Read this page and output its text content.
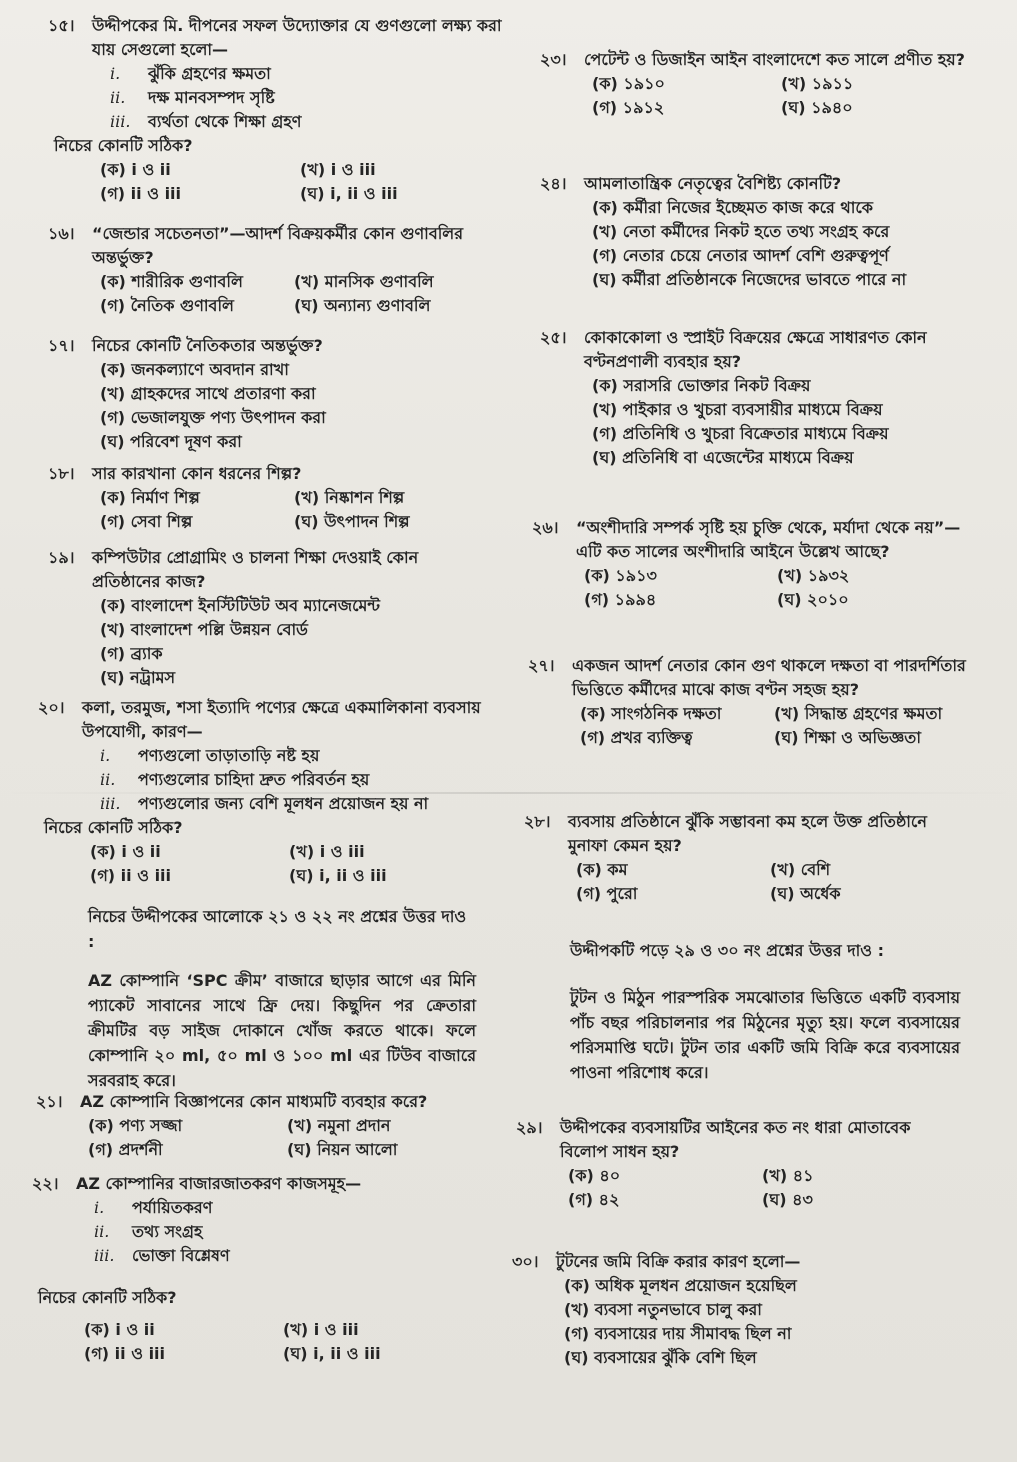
১৫। উদ্দীপকের মি. দীপনের সফল উদ্যোক্তার যে গুণগুলো লক্ষ্য করা যায় সেগুলো হলো—
i.	ঝুঁকি গ্রহণের ক্ষমতা
ii.	দক্ষ মানবসম্পদ সৃষ্টি
iii.	ব্যর্থতা থেকে শিক্ষা গ্রহণ
নিচের কোনটি সঠিক?
(ক) i ও ii	(খ) i ও iii
(গ) ii ও iii	(ঘ) i, ii ও iii
১৬। “জেন্ডার সচেতনতা”—আদর্শ বিক্রয়কর্মীর কোন গুণাবলির অন্তর্ভুক্ত?
(ক) শারীরিক গুণাবলি	(খ) মানসিক গুণাবলি
(গ) নৈতিক গুণাবলি	(ঘ) অন্যান্য গুণাবলি
১৭। নিচের কোনটি নৈতিকতার অন্তর্ভুক্ত?
(ক) জনকল্যাণে অবদান রাখা
(খ) গ্রাহকদের সাথে প্রতারণা করা
(গ) ভেজালযুক্ত পণ্য উৎপাদন করা
(ঘ) পরিবেশ দূষণ করা
১৮। সার কারখানা কোন ধরনের শিল্প?
(ক) নির্মাণ শিল্প	(খ) নিষ্কাশন শিল্প
(গ) সেবা শিল্প	(ঘ) উৎপাদন শিল্প
১৯। কম্পিউটার প্রোগ্রামিং ও চালনা শিক্ষা দেওয়াই কোন প্রতিষ্ঠানের কাজ?
(ক) বাংলাদেশ ইনস্টিটিউট অব ম্যানেজমেন্ট
(খ) বাংলাদেশ পল্লি উন্নয়ন বোর্ড
(গ) ব্র্যাক
(ঘ) নট্রামস
২০। কলা, তরমুজ, শসা ইত্যাদি পণ্যের ক্ষেত্রে একমালিকানা ব্যবসায় উপযোগী, কারণ—
i.	পণ্যগুলো তাড়াতাড়ি নষ্ট হয়
ii.	পণ্যগুলোর চাহিদা দ্রুত পরিবর্তন হয়
iii.	পণ্যগুলোর জন্য বেশি মূলধন প্রয়োজন হয় না
নিচের কোনটি সঠিক?
(ক) i ও ii	(খ) i ও iii
(গ) ii ও iii	(ঘ) i, ii ও iii
নিচের উদ্দীপকের আলোকে ২১ ও ২২ নং প্রশ্নের উত্তর দাও :
AZ কোম্পানি ‘SPC ক্রীম’ বাজারে ছাড়ার আগে এর মিনি প্যাকেট সাবানের সাথে ফ্রি দেয়। কিছুদিন পর ক্রেতারা ক্রীমটির বড় সাইজ দোকানে খোঁজ করতে থাকে। ফলে কোম্পানি ২০ ml, ৫০ ml ও ১০০ ml এর টিউব বাজারে সরবরাহ করে।
২১। AZ কোম্পানি বিজ্ঞাপনের কোন মাধ্যমটি ব্যবহার করে?
(ক) পণ্য সজ্জা	(খ) নমুনা প্রদান
(গ) প্রদর্শনী	(ঘ) নিয়ন আলো
২২। AZ কোম্পানির বাজারজাতকরণ কাজসমূহ—
i.	পর্যায়িতকরণ
ii.	তথ্য সংগ্রহ
iii.	ভোক্তা বিশ্লেষণ
নিচের কোনটি সঠিক?
(ক) i ও ii	(খ) i ও iii
(গ) ii ও iii	(ঘ) i, ii ও iii
২৩। পেটেন্ট ও ডিজাইন আইন বাংলাদেশে কত সালে প্রণীত হয়?
(ক) ১৯১০	(খ) ১৯১১
(গ) ১৯১২	(ঘ) ১৯৪০
২৪। আমলাতান্ত্রিক নেতৃত্বের বৈশিষ্ট্য কোনটি?
(ক) কর্মীরা নিজের ইচ্ছেমত কাজ করে থাকে
(খ) নেতা কর্মীদের নিকট হতে তথ্য সংগ্রহ করে
(গ) নেতার চেয়ে নেতার আদর্শ বেশি গুরুত্বপূর্ণ
(ঘ) কর্মীরা প্রতিষ্ঠানকে নিজেদের ভাবতে পারে না
২৫। কোকাকোলা ও স্প্রাইট বিক্রয়ের ক্ষেত্রে সাধারণত কোন বণ্টনপ্রণালী ব্যবহার হয়?
(ক) সরাসরি ভোক্তার নিকট বিক্রয়
(খ) পাইকার ও খুচরা ব্যবসায়ীর মাধ্যমে বিক্রয়
(গ) প্রতিনিধি ও খুচরা বিক্রেতার মাধ্যমে বিক্রয়
(ঘ) প্রতিনিধি বা এজেন্টের মাধ্যমে বিক্রয়
২৬। “অংশীদারি সম্পর্ক সৃষ্টি হয় চুক্তি থেকে, মর্যাদা থেকে নয়”—এটি কত সালের অংশীদারি আইনে উল্লেখ আছে?
(ক) ১৯১৩	(খ) ১৯৩২
(গ) ১৯৯৪	(ঘ) ২০১০
২৭। একজন আদর্শ নেতার কোন গুণ থাকলে দক্ষতা বা পারদর্শিতার ভিত্তিতে কর্মীদের মাঝে কাজ বণ্টন সহজ হয়?
(ক) সাংগঠনিক দক্ষতা	(খ) সিদ্ধান্ত গ্রহণের ক্ষমতা
(গ) প্রখর ব্যক্তিত্ব	(ঘ) শিক্ষা ও অভিজ্ঞতা
২৮। ব্যবসায় প্রতিষ্ঠানে ঝুঁকি সম্ভাবনা কম হলে উক্ত প্রতিষ্ঠানে মুনাফা কেমন হয়?
(ক) কম	(খ) বেশি
(গ) পুরো	(ঘ) অর্ধেক
উদ্দীপকটি পড়ে ২৯ ও ৩০ নং প্রশ্নের উত্তর দাও :
টুটন ও মিঠুন পারস্পরিক সমঝোতার ভিত্তিতে একটি ব্যবসায় পাঁচ বছর পরিচালনার পর মিঠুনের মৃত্যু হয়। ফলে ব্যবসায়ের পরিসমাপ্তি ঘটে। টুটন তার একটি জমি বিক্রি করে ব্যবসায়ের পাওনা পরিশোধ করে।
২৯। উদ্দীপকের ব্যবসায়টির আইনের কত নং ধারা মোতাবেক বিলোপ সাধন হয়?
(ক) ৪০	(খ) ৪১
(গ) ৪২	(ঘ) ৪৩
৩০। টুটনের জমি বিক্রি করার কারণ হলো—
(ক) অধিক মূলধন প্রয়োজন হয়েছিল
(খ) ব্যবসা নতুনভাবে চালু করা
(গ) ব্যবসায়ের দায় সীমাবদ্ধ ছিল না
(ঘ) ব্যবসায়ের ঝুঁকি বেশি ছিল
